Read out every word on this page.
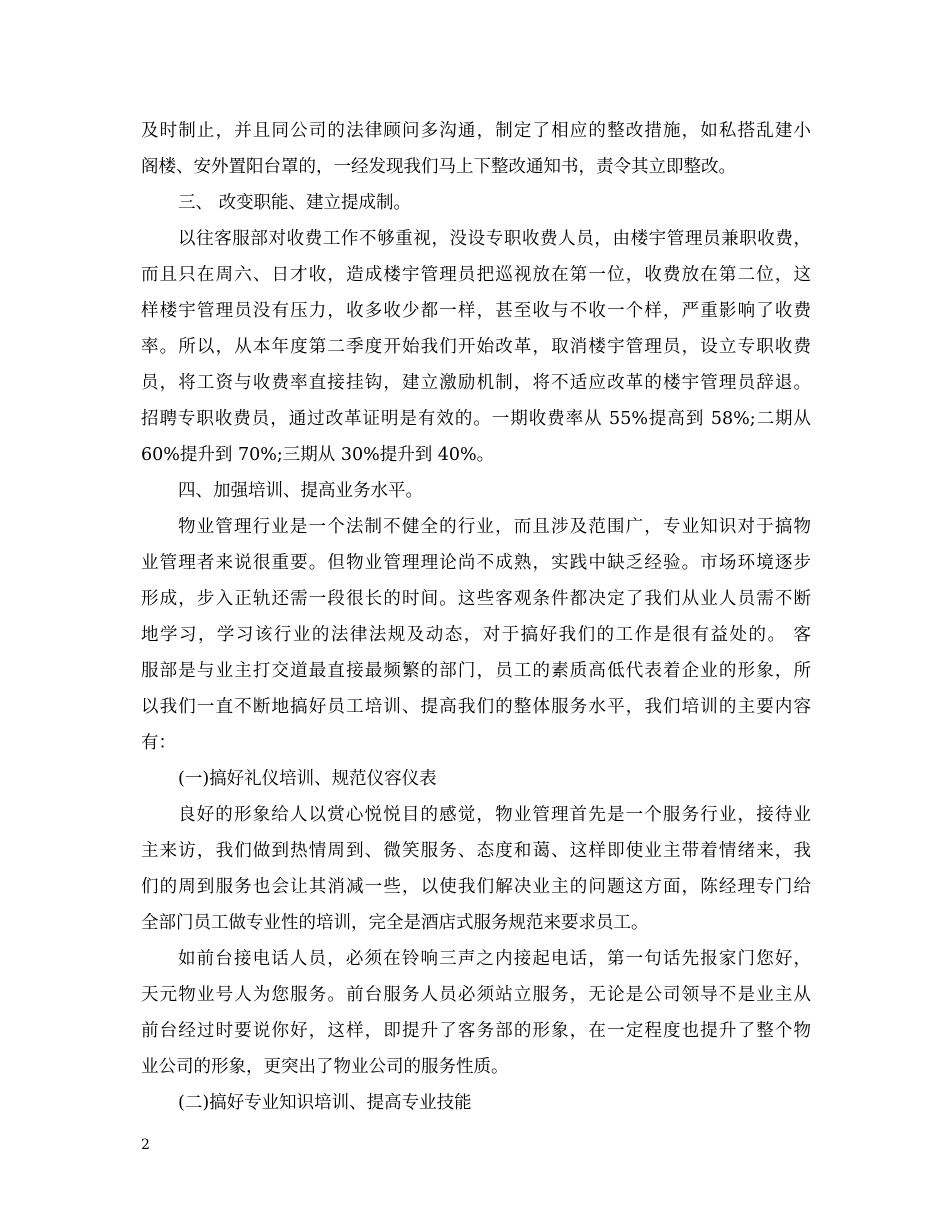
及时制止，并且同公司的法律顾问多沟通，制定了相应的整改措施，如私搭乱建小
阁楼、安外置阳台罩的，一经发现我们马上下整改通知书，责令其立即整改。
三、 改变职能、建立提成制。
以往客服部对收费工作不够重视，没设专职收费人员，由楼宇管理员兼职收费，
而且只在周六、日才收，造成楼宇管理员把巡视放在第一位，收费放在第二位，这
样楼宇管理员没有压力，收多收少都一样，甚至收与不收一个样，严重影响了收费
率。所以，从本年度第二季度开始我们开始改革，取消楼宇管理员，设立专职收费
员，将工资与收费率直接挂钩，建立激励机制，将不适应改革的楼宇管理员辞退。
招聘专职收费员，通过改革证明是有效的。一期收费率从 55%提高到 58%;二期从
60%提升到 70%;三期从 30%提升到 40%。
四、加强培训、提高业务水平。
物业管理行业是一个法制不健全的行业，而且涉及范围广，专业知识对于搞物
业管理者来说很重要。但物业管理理论尚不成熟，实践中缺乏经验。市场环境逐步
形成，步入正轨还需一段很长的时间。这些客观条件都决定了我们从业人员需不断
地学习，学习该行业的法律法规及动态，对于搞好我们的工作是很有益处的。 客
服部是与业主打交道最直接最频繁的部门，员工的素质高低代表着企业的形象，所
以我们一直不断地搞好员工培训、提高我们的整体服务水平，我们培训的主要内容
有：
(一)搞好礼仪培训、规范仪容仪表
良好的形象给人以赏心悦悦目的感觉，物业管理首先是一个服务行业，接待业
主来访，我们做到热情周到、微笑服务、态度和蔼、这样即使业主带着情绪来，我
们的周到服务也会让其消减一些，以使我们解决业主的问题这方面，陈经理专门给
全部门员工做专业性的培训，完全是酒店式服务规范来要求员工。
如前台接电话人员，必须在铃响三声之内接起电话，第一句话先报家门您好，
天元物业号人为您服务。前台服务人员必须站立服务，无论是公司领导不是业主从
前台经过时要说你好，这样，即提升了客务部的形象，在一定程度也提升了整个物
业公司的形象，更突出了物业公司的服务性质。
(二)搞好专业知识培训、提高专业技能
2
